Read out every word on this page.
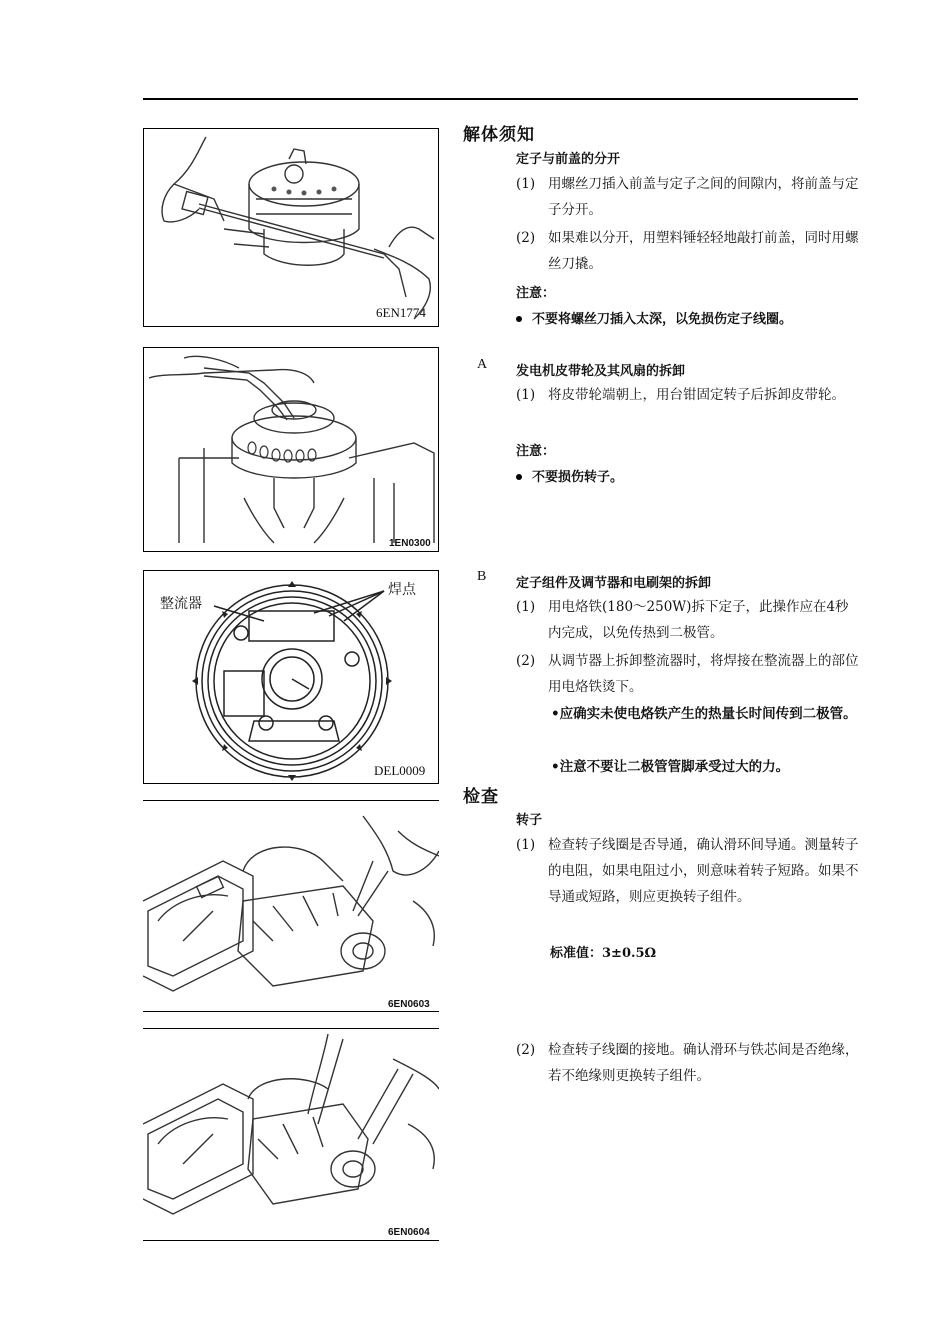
6EN1774
1EN0300
整流器
焊点
DEL0009
6EN0603
6EN0604
解体须知
定子与前盖的分开
(1) 用螺丝刀插入前盖与定子之间的间隙内，将前盖与定子分开。
(2) 如果难以分开，用塑料锤轻轻地敲打前盖，同时用螺丝刀撬。
注意：
不要将螺丝刀插入太深，以免损伤定子线圈。
A 发电机皮带轮及其风扇的拆卸
(1) 将皮带轮端朝上，用台钳固定转子后拆卸皮带轮。
注意：
不要损伤转子。
B 定子组件及调节器和电刷架的拆卸
(1) 用电烙铁(180～250W)拆下定子，此操作应在4秒内完成，以免传热到二极管。
(2) 从调节器上拆卸整流器时，将焊接在整流器上的部位用电烙铁烫下。
•应确实未使电烙铁产生的热量长时间传到二极管。
•注意不要让二极管管脚承受过大的力。
检查
转子
(1) 检查转子线圈是否导通，确认滑环间导通。测量转子的电阻，如果电阻过小，则意味着转子短路。如果不导通或短路，则应更换转子组件。
标准值：3±0.5Ω
(2) 检查转子线圈的接地。确认滑环与铁芯间是否绝缘，若不绝缘则更换转子组件。
